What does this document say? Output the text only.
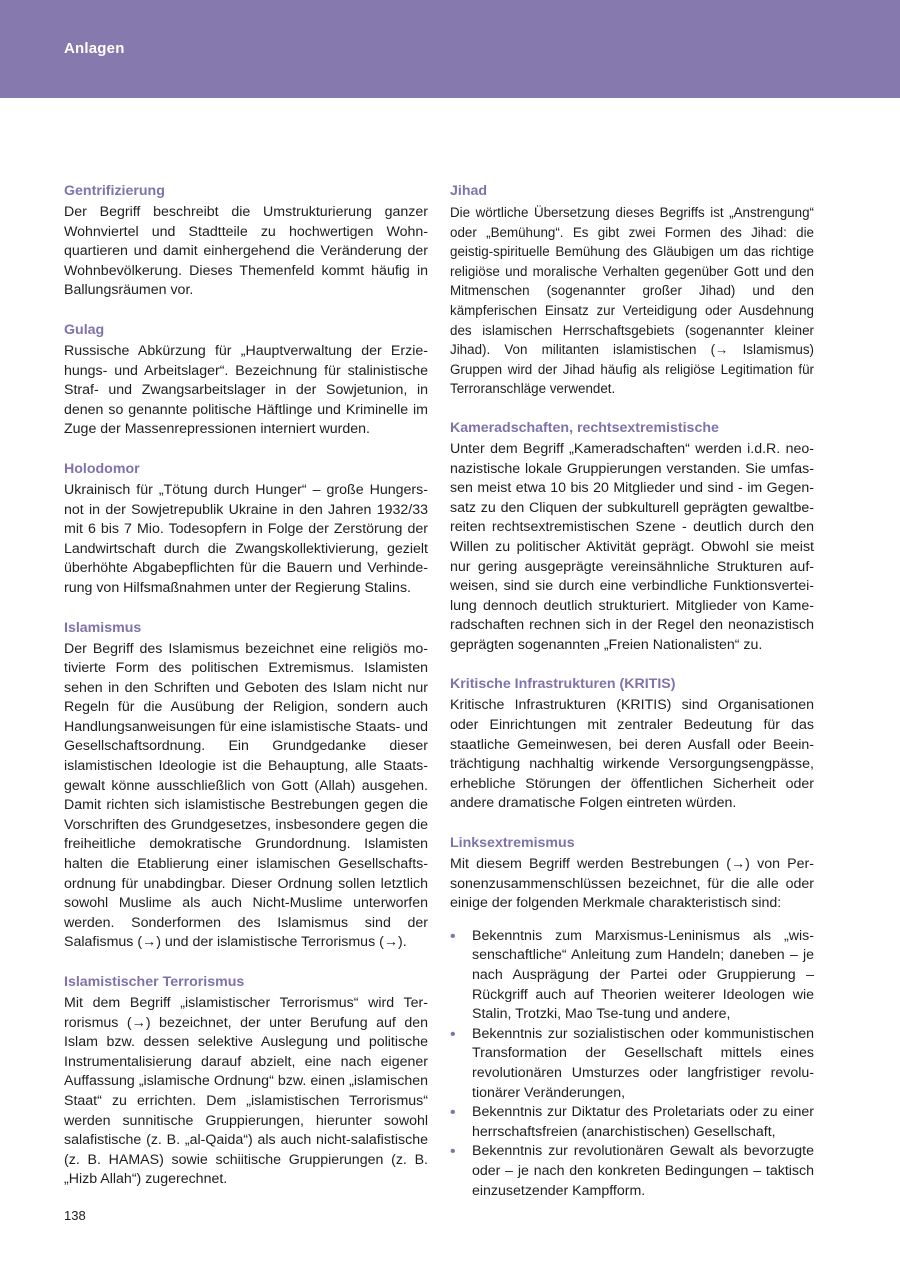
Anlagen
Gentrifizierung

Der Begriff beschreibt die Umstrukturierung ganzer Wohnviertel und Stadtteile zu hochwertigen Wohnquartieren und damit einhergehend die Veränderung der Wohnbevölkerung. Dieses Themenfeld kommt häufig in Ballungsräumen vor.

Gulag

Russische Abkürzung für „Hauptverwaltung der Erziehungs- und Arbeitslager“. Bezeichnung für stalinistische Straf- und Zwangsarbeitslager in der Sowjetunion, in denen so genannte politische Häftlinge und Kriminelle im Zuge der Massenrepressionen interniert wurden.

Holodomor

Ukrainisch für „Tötung durch Hunger“ – große Hungersnot in der Sowjetrepublik Ukraine in den Jahren 1932/33 mit 6 bis 7 Mio. Todesopfern in Folge der Zerstörung der Landwirtschaft durch die Zwangskollektivierung, gezielt überhöhte Abgabepflichten für die Bauern und Verhinderung von Hilfsmaßnahmen unter der Regierung Stalins.

Islamismus

Der Begriff des Islamismus bezeichnet eine religiös motivierte Form des politischen Extremismus. Islamisten sehen in den Schriften und Geboten des Islam nicht nur Regeln für die Ausübung der Religion, sondern auch Handlungsanweisungen für eine islamistische Staats- und Gesellschaftsordnung. Ein Grundgedanke dieser islamistischen Ideologie ist die Behauptung, alle Staatsgewalt könne ausschließlich von Gott (Allah) ausgehen. Damit richten sich islamistische Bestrebungen gegen die Vorschriften des Grundgesetzes, insbesondere gegen die freiheitliche demokratische Grundordnung. Islamisten halten die Etablierung einer islamischen Gesellschaftsordnung für unabdingbar. Dieser Ordnung sollen letztlich sowohl Muslime als auch Nicht-Muslime unterworfen werden. Sonderformen des Islamismus sind der Salafismus (→) und der islamistische Terrorismus (→).

Islamistischer Terrorismus

Mit dem Begriff „islamistischer Terrorismus“ wird Terrorismus (→) bezeichnet, der unter Berufung auf den Islam bzw. dessen selektive Auslegung und politische Instrumentalisierung darauf abzielt, eine nach eigener Auffassung „islamische Ordnung“ bzw. einen „islamischen Staat“ zu errichten. Dem „islamistischen Terrorismus“ werden sunnitische Gruppierungen, hierunter sowohl salafistische (z. B. „al-Qaida“) als auch nicht-salafistische (z. B. HAMAS) sowie schiitische Gruppierungen (z. B. „Hizb Allah“) zugerechnet.

Jihad

Die wörtliche Übersetzung dieses Begriffs ist „Anstrengung“ oder „Bemühung“. Es gibt zwei Formen des Jihad: die geistig-spirituelle Bemühung des Gläubigen um das richtige religiöse und moralische Verhalten gegenüber Gott und den Mitmenschen (sogenannter großer Jihad) und den kämpferischen Einsatz zur Verteidigung oder Ausdehnung des islamischen Herrschaftsgebiets (sogenannter kleiner Jihad). Von militanten islamistischen (→ Islamismus) Gruppen wird der Jihad häufig als religiöse Legitimation für Terroranschläge verwendet.

Kameradschaften, rechtsextremistische

Unter dem Begriff „Kameradschaften“ werden i.d.R. neonazistische lokale Gruppierungen verstanden. Sie umfassen meist etwa 10 bis 20 Mitglieder und sind - im Gegensatz zu den Cliquen der subkulturell geprägten gewaltbereiten rechtsextremistischen Szene - deutlich durch den Willen zu politischer Aktivität geprägt. Obwohl sie meist nur gering ausgeprägte vereinsähnliche Strukturen aufweisen, sind sie durch eine verbindliche Funktionsverteilung dennoch deutlich strukturiert. Mitglieder von Kameradschaften rechnen sich in der Regel den neonazistisch geprägten sogenannten „Freien Nationalisten“ zu.

Kritische Infrastrukturen (KRITIS)

Kritische Infrastrukturen (KRITIS) sind Organisationen oder Einrichtungen mit zentraler Bedeutung für das staatliche Gemeinwesen, bei deren Ausfall oder Beeinträchtigung nachhaltig wirkende Versorgungsengpässe, erhebliche Störungen der öffentlichen Sicherheit oder andere dramatische Folgen eintreten würden.

Linksextremismus

Mit diesem Begriff werden Bestrebungen (→) von Personenzusammenschlüssen bezeichnet, für die alle oder einige der folgenden Merkmale charakteristisch sind:

• Bekenntnis zum Marxismus-Leninismus als „wissenschaftliche“ Anleitung zum Handeln; daneben – je nach Ausprägung der Partei oder Gruppierung –Rückgriff auch auf Theorien weiterer Ideologen wie Stalin, Trotzki, Mao Tse-tung und andere,
• Bekenntnis zur sozialistischen oder kommunistischen Transformation der Gesellschaft mittels eines revolutionären Umsturzes oder langfristiger revolutionärer Veränderungen,
• Bekenntnis zur Diktatur des Proletariats oder zu einer herrschaftsfreien (anarchistischen) Gesellschaft,
• Bekenntnis zur revolutionären Gewalt als bevorzugte oder – je nach den konkreten Bedingungen – taktisch einzusetzender Kampfform.
138
